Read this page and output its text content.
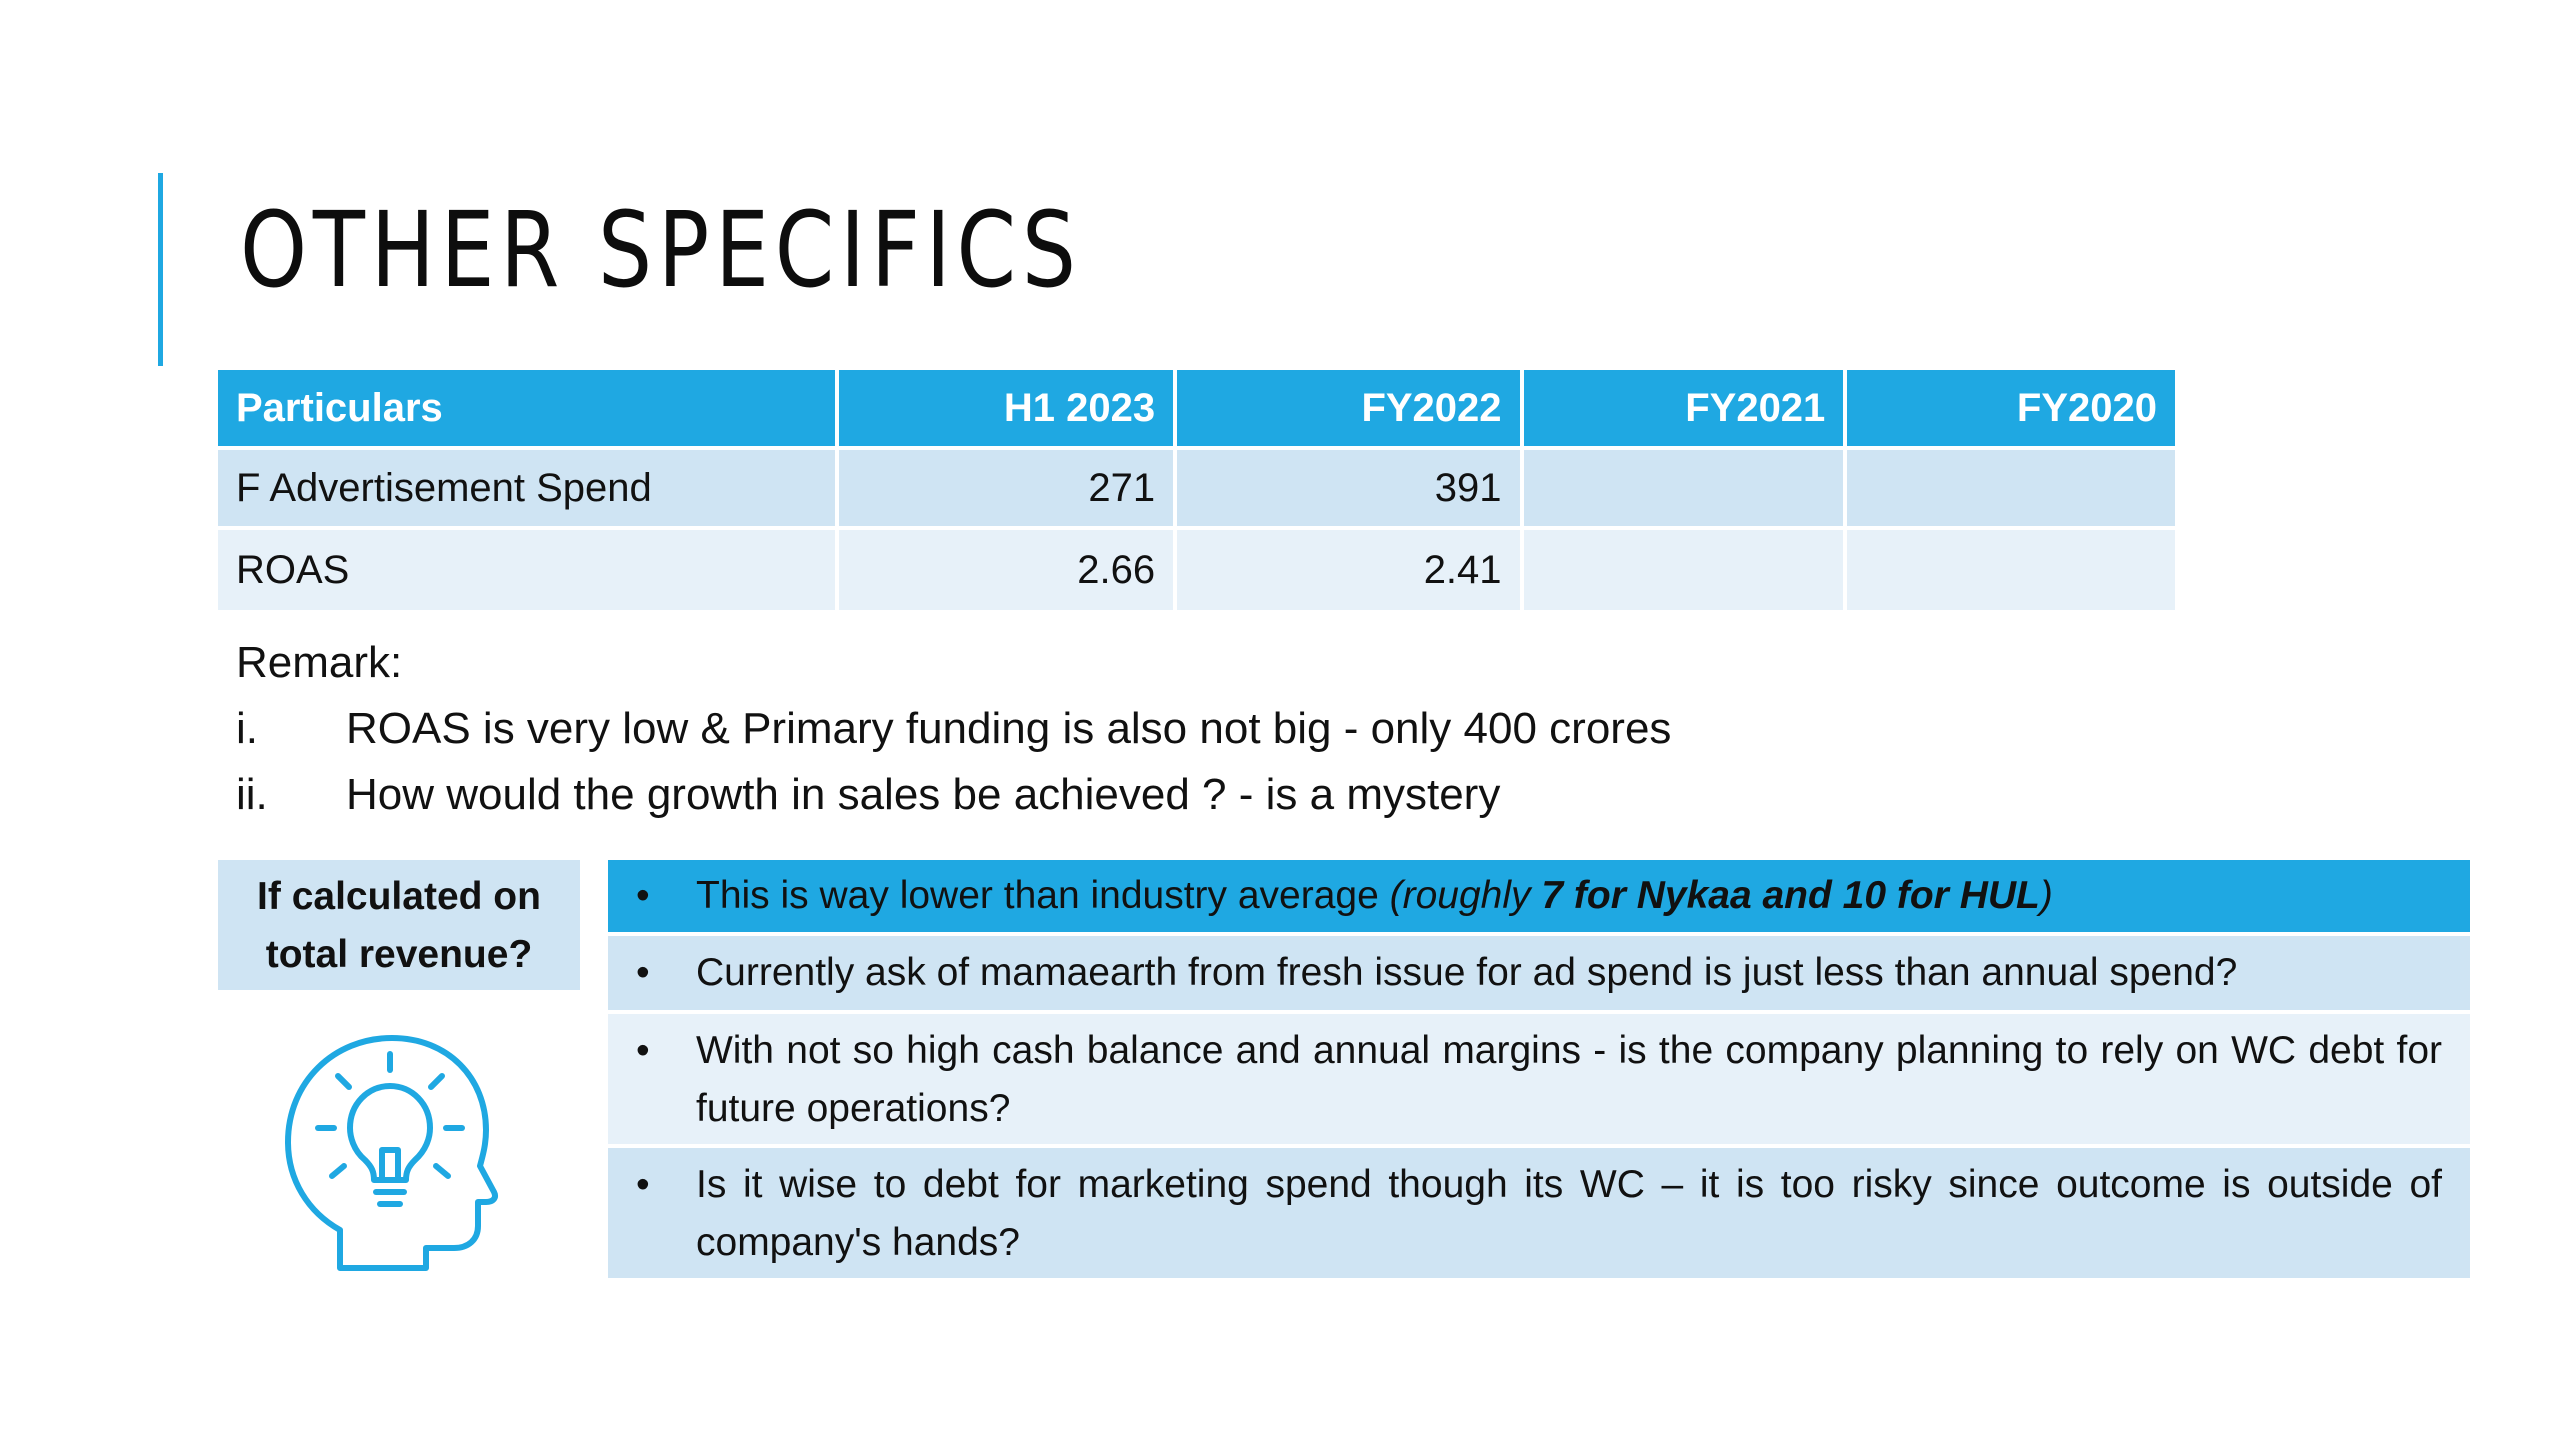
OTHER SPECIFICS
Particulars	H1 2023	FY2022	FY2021	FY2020
F Advertisement Spend	271	391		
ROAS	2.66	2.41		
Remark:
i.	ROAS is very low & Primary funding is also not big - only 400 crores
ii.	How would the growth in sales be achieved ? - is a mystery
If calculated on
total revenue?
•	This is way lower than industry average (roughly 7 for Nykaa and 10 for HUL)
•	Currently ask of mamaearth from fresh issue for ad spend is just less than annual spend?
•	With not so high cash balance and annual margins - is the company planning to rely on WC debt for future operations?
•	Is it wise to debt for marketing spend though its WC – it is too risky since outcome is outside of company's hands?
